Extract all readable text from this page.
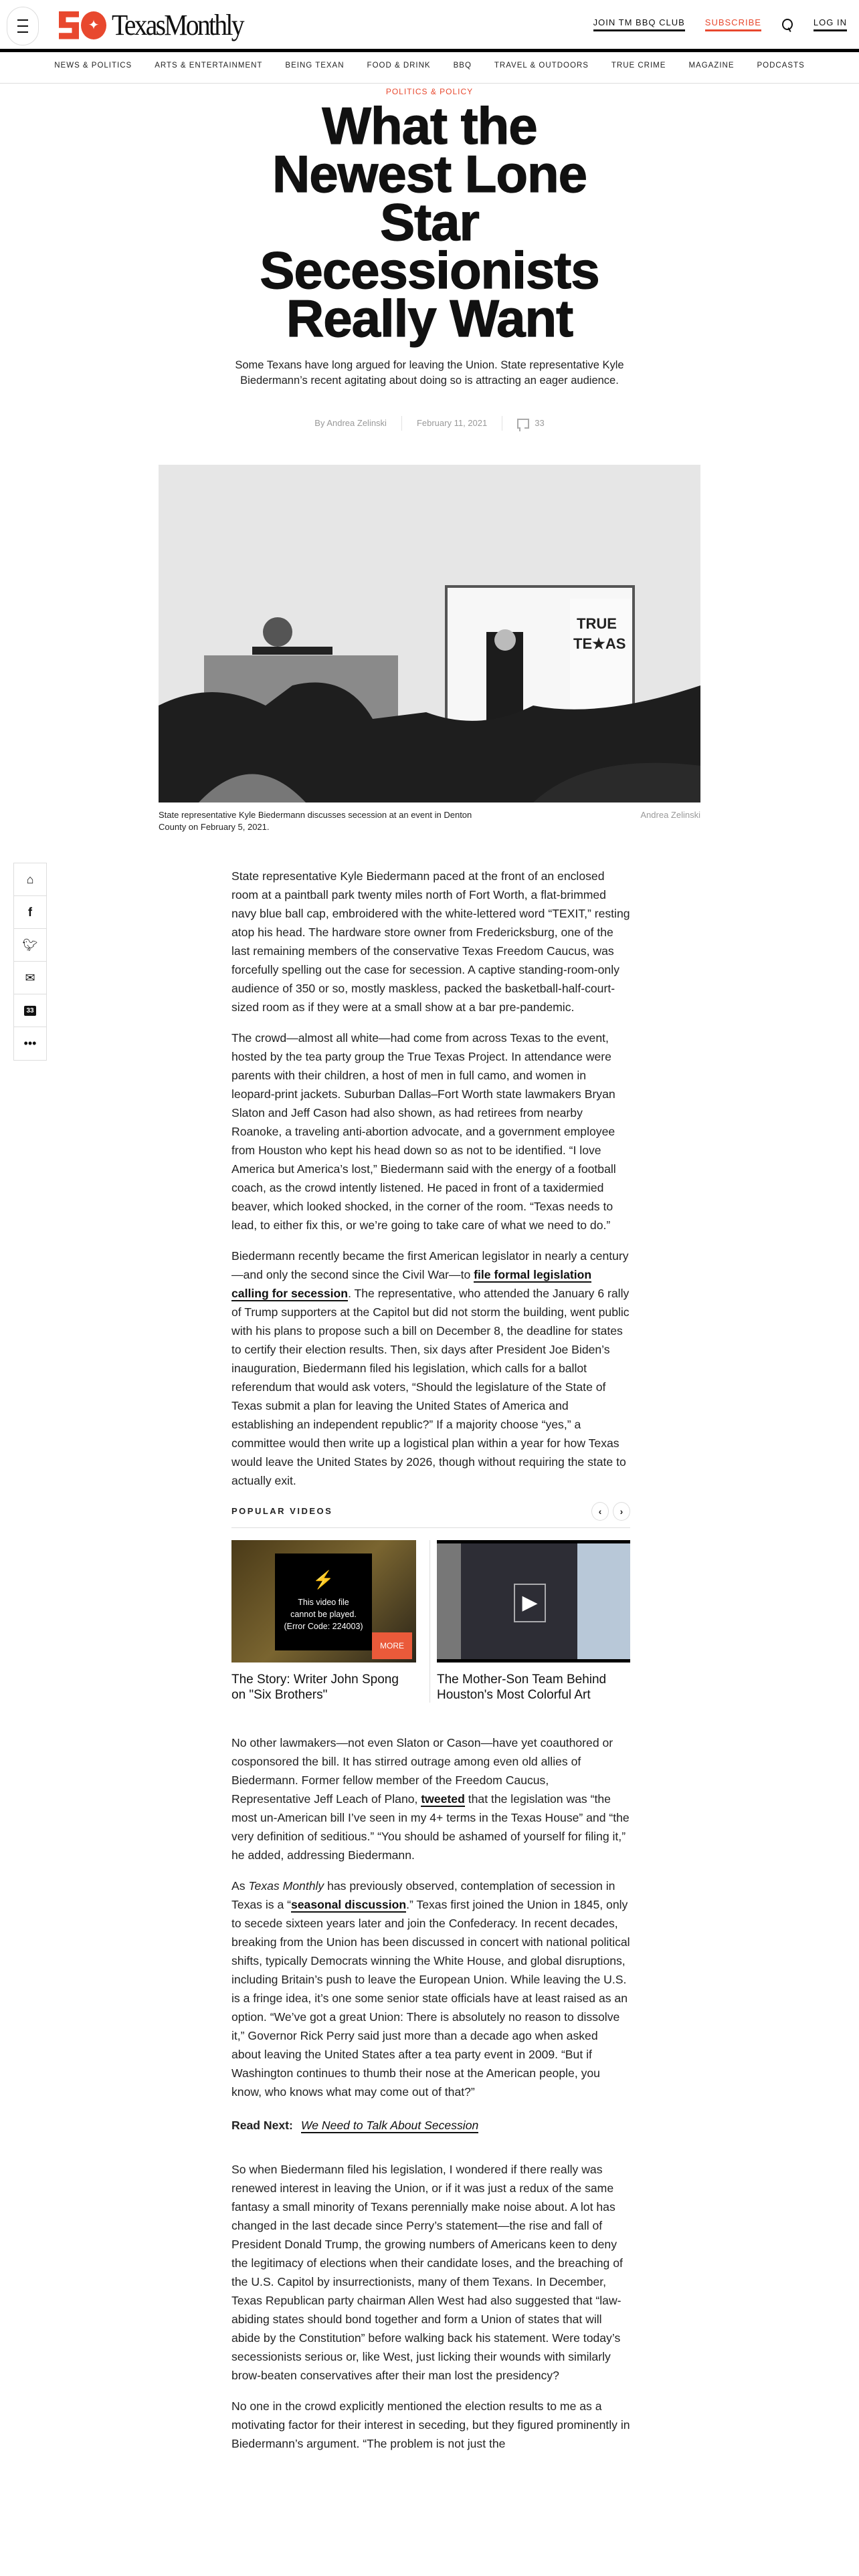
✦ TexasMonthly	JOIN TM BBQ CLUB SUBSCRIBE	LOG IN
NEWS & POLITICS	ARTS & ENTERTAINMENT	BEING TEXAN	FOOD & DRINK	BBQ	TRAVEL & OUTDOORS	TRUE CRIME	MAGAZINE	PODCASTS
POLITICS & POLICY
What the Newest Lone Star Secessionists Really Want

Some Texans have long argued for leaving the Union. State representative Kyle Biedermann’s recent agitating about doing so is attracting an eager audience.

By Andrea Zelinski	February 11, 2021	33
TRUE
TE★AS
State representative Kyle Biedermann discusses secession at an event in Denton County on February 5, 2021.
Andrea Zelinski
⌂
f
🐦︎
✉
33
•••

State representative Kyle Biedermann paced at the front of an enclosed room at a paintball park twenty miles north of Fort Worth, a flat-brimmed navy blue ball cap, embroidered with the white-lettered word “TEXIT,” resting atop his head. The hardware store owner from Fredericksburg, one of the last remaining members of the conservative Texas Freedom Caucus, was forcefully spelling out the case for secession. A captive standing-room-only audience of 350 or so, mostly maskless, packed the basketball-half-court-sized room as if they were at a small show at a bar pre-pandemic.

The crowd—almost all white—had come from across Texas to the event, hosted by the tea party group the True Texas Project. In attendance were parents with their children, a host of men in full camo, and women in leopard-print jackets. Suburban Dallas–Fort Worth state lawmakers Bryan Slaton and Jeff Cason had also shown, as had retirees from nearby Roanoke, a traveling anti-abortion advocate, and a government employee from Houston who kept his head down so as not to be identified. “I love America but America’s lost,” Biedermann said with the energy of a football coach, as the crowd intently listened. He paced in front of a taxidermied beaver, which looked shocked, in the corner of the room. “Texas needs to lead, to either fix this, or we’re going to take care of what we need to do.”

Biedermann recently became the first American legislator in nearly a century—and only the second since the Civil War—to file formal legislation calling for secession. The representative, who attended the January 6 rally of Trump supporters at the Capitol but did not storm the building, went public with his plans to propose such a bill on December 8, the deadline for states to certify their election results. Then, six days after President Joe Biden’s inauguration, Biedermann filed his legislation, which calls for a ballot referendum that would ask voters, “Should the legislature of the State of Texas submit a plan for leaving the United States of America and establishing an independent republic?” If a majority choose “yes,” a committee would then write up a logistical plan within a year for how Texas would leave the United States by 2026, though without requiring the state to actually exit.

POPULAR VIDEOS	‹	›
⚡
This video file
cannot be played.
(Error Code: 224003)
MORE
The Story: Writer John Spong on "Six Brothers"
▶
The Mother-Son Team Behind Houston's Most Colorful Art

No other lawmakers—not even Slaton or Cason—have yet coauthored or cosponsored the bill. It has stirred outrage among even old allies of Biedermann. Former fellow member of the Freedom Caucus, Representative Jeff Leach of Plano, tweeted that the legislation was “the most un-American bill I’ve seen in my 4+ terms in the Texas House” and “the very definition of seditious.” “You should be ashamed of yourself for filing it,” he added, addressing Biedermann.

As Texas Monthly has previously observed, contemplation of secession in Texas is a “seasonal discussion.” Texas first joined the Union in 1845, only to secede sixteen years later and join the Confederacy. In recent decades, breaking from the Union has been discussed in concert with national political shifts, typically Democrats winning the White House, and global disruptions, including Britain’s push to leave the European Union. While leaving the U.S. is a fringe idea, it’s one some senior state officials have at least raised as an option. “We’ve got a great Union: There is absolutely no reason to dissolve it,” Governor Rick Perry said just more than a decade ago when asked about leaving the United States after a tea party event in 2009. “But if Washington continues to thumb their nose at the American people, you know, who knows what may come out of that?”

Read Next: We Need to Talk About Secession

So when Biedermann filed his legislation, I wondered if there really was renewed interest in leaving the Union, or if it was just a redux of the same fantasy a small minority of Texans perennially make noise about. A lot has changed in the last decade since Perry’s statement—the rise and fall of President Donald Trump, the growing numbers of Americans keen to deny the legitimacy of elections when their candidate loses, and the breaching of the U.S. Capitol by insurrectionists, many of them Texans. In December, Texas Republican party chairman Allen West had also suggested that “law-abiding states should bond together and form a Union of states that will abide by the Constitution” before walking back his statement. Were today’s secessionists serious or, like West, just licking their wounds with similarly brow-beaten conservatives after their man lost the presidency?

No one in the crowd explicitly mentioned the election results to me as a motivating factor for their interest in seceding, but they figured prominently in Biedermann’s argument. “The problem is not just the
